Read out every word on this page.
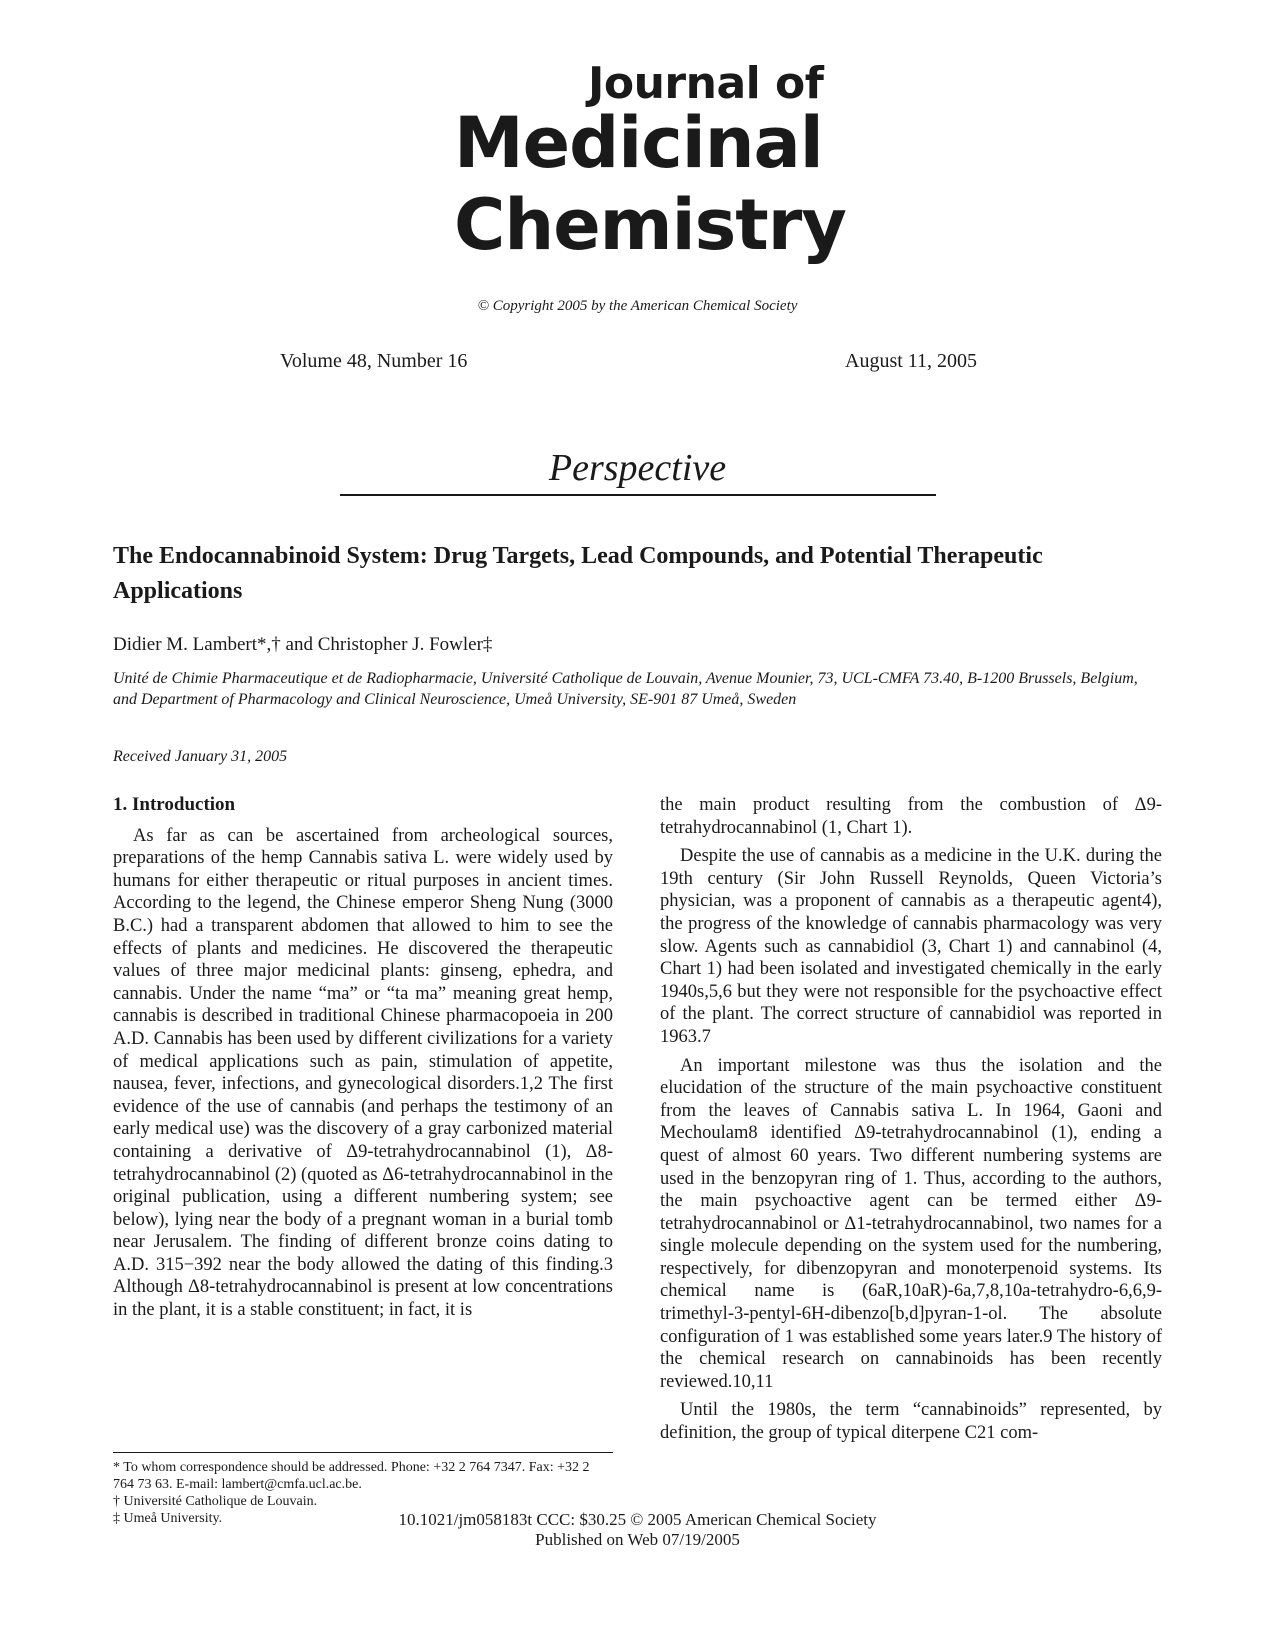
Journal of
Medicinal
Chemistry
© Copyright 2005 by the American Chemical Society
Volume 48, Number 16	August 11, 2005
Perspective
The Endocannabinoid System: Drug Targets, Lead Compounds, and Potential Therapeutic Applications
Didier M. Lambert*,† and Christopher J. Fowler‡
Unité de Chimie Pharmaceutique et de Radiopharmacie, Université Catholique de Louvain, Avenue Mounier, 73, UCL-CMFA 73.40, B-1200 Brussels, Belgium, and Department of Pharmacology and Clinical Neuroscience, Umeå University, SE-901 87 Umeå, Sweden
Received January 31, 2005

1. Introduction

As far as can be ascertained from archeological sources, preparations of the hemp Cannabis sativa L. were widely used by humans for either therapeutic or ritual purposes in ancient times. According to the legend, the Chinese emperor Sheng Nung (3000 B.C.) had a transparent abdomen that allowed to him to see the effects of plants and medicines. He discovered the therapeutic values of three major medicinal plants: ginseng, ephedra, and cannabis. Under the name “ma” or “ta ma” meaning great hemp, cannabis is described in traditional Chinese pharmacopoeia in 200 A.D. Cannabis has been used by different civilizations for a variety of medical applications such as pain, stimulation of appetite, nausea, fever, infections, and gynecological disorders.1,2 The first evidence of the use of cannabis (and perhaps the testimony of an early medical use) was the discovery of a gray carbonized material containing a derivative of Δ9-tetrahydrocannabinol (1), Δ8-tetrahydrocannabinol (2) (quoted as Δ6-tetrahydrocannabinol in the original publication, using a different numbering system; see below), lying near the body of a pregnant woman in a burial tomb near Jerusalem. The finding of different bronze coins dating to A.D. 315−392 near the body allowed the dating of this finding.3 Although Δ8-tetrahydrocannabinol is present at low concentrations in the plant, it is a stable constituent; in fact, it is

the main product resulting from the combustion of Δ9-tetrahydrocannabinol (1, Chart 1).

Despite the use of cannabis as a medicine in the U.K. during the 19th century (Sir John Russell Reynolds, Queen Victoria’s physician, was a proponent of cannabis as a therapeutic agent4), the progress of the knowledge of cannabis pharmacology was very slow. Agents such as cannabidiol (3, Chart 1) and cannabinol (4, Chart 1) had been isolated and investigated chemically in the early 1940s,5,6 but they were not responsible for the psychoactive effect of the plant. The correct structure of cannabidiol was reported in 1963.7

An important milestone was thus the isolation and the elucidation of the structure of the main psychoactive constituent from the leaves of Cannabis sativa L. In 1964, Gaoni and Mechoulam8 identified Δ9-tetrahydrocannabinol (1), ending a quest of almost 60 years. Two different numbering systems are used in the benzopyran ring of 1. Thus, according to the authors, the main psychoactive agent can be termed either Δ9-tetrahydrocannabinol or Δ1-tetrahydrocannabinol, two names for a single molecule depending on the system used for the numbering, respectively, for dibenzopyran and monoterpenoid systems. Its chemical name is (6aR,10aR)-6a,7,8,10a-tetrahydro-6,6,9-trimethyl-3-pentyl-6H-dibenzo[b,d]pyran-1-ol. The absolute configuration of 1 was established some years later.9 The history of the chemical research on cannabinoids has been recently reviewed.10,11

Until the 1980s, the term “cannabinoids” represented, by definition, the group of typical diterpene C21 com-

* To whom correspondence should be addressed. Phone: +32 2 764 7347. Fax: +32 2 764 73 63. E-mail: lambert@cmfa.ucl.ac.be.

† Université Catholique de Louvain.

‡ Umeå University.	10.1021/jm058183t CCC: $30.25 © 2005 American Chemical Society
Published on Web 07/19/2005
